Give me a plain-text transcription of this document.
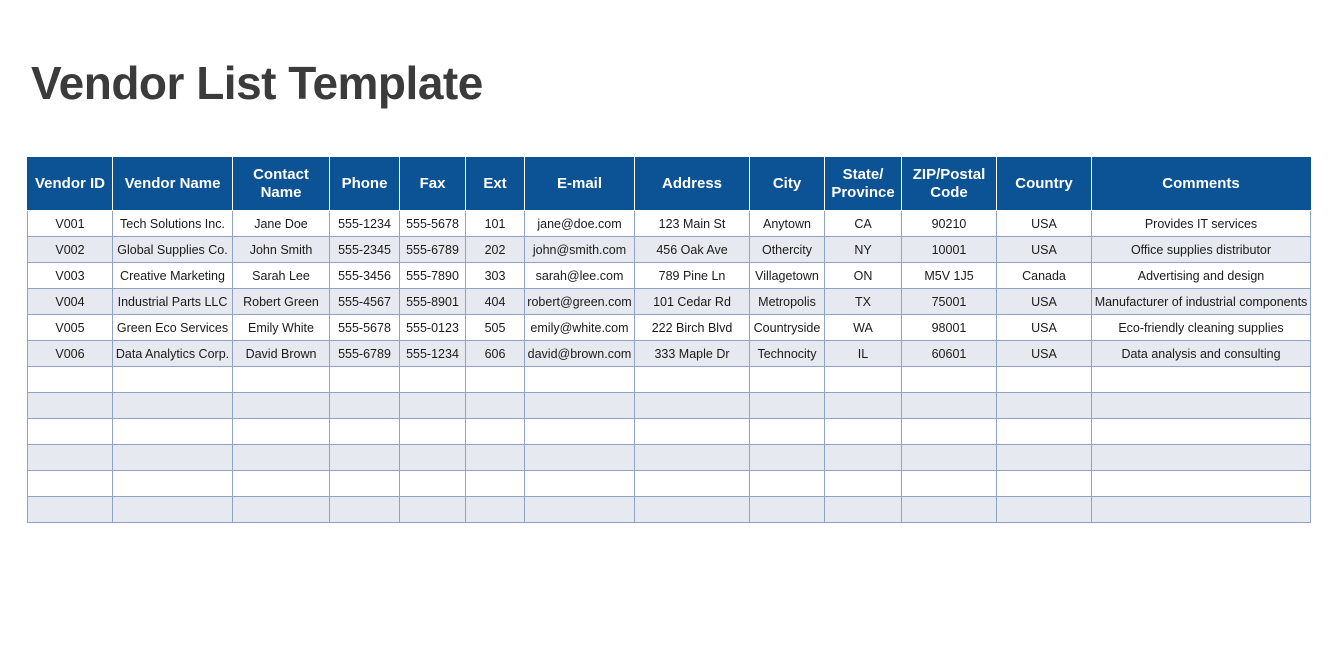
Vendor List Template
Vendor ID	Vendor Name	Contact Name	Phone	Fax	Ext	E-mail	Address	City	State/ Province	ZIP/Postal Code	Country	Comments

V001	Tech Solutions Inc.	Jane Doe	555-1234	555-5678	101	jane@doe.com	123 Main St	Anytown	CA	90210	USA	Provides IT services
V002	Global Supplies Co.	John Smith	555-2345	555-6789	202	john@smith.com	456 Oak Ave	Othercity	NY	10001	USA	Office supplies distributor
V003	Creative Marketing	Sarah Lee	555-3456	555-7890	303	sarah@lee.com	789 Pine Ln	Villagetown	ON	M5V 1J5	Canada	Advertising and design
V004	Industrial Parts LLC	Robert Green	555-4567	555-8901	404	robert@green.com	101 Cedar Rd	Metropolis	TX	75001	USA	Manufacturer of industrial components
V005	Green Eco Services	Emily White	555-5678	555-0123	505	emily@white.com	222 Birch Blvd	Countryside	WA	98001	USA	Eco-friendly cleaning supplies
V006	Data Analytics Corp.	David Brown	555-6789	555-1234	606	david@brown.com	333 Maple Dr	Technocity	IL	60601	USA	Data analysis and consulting
